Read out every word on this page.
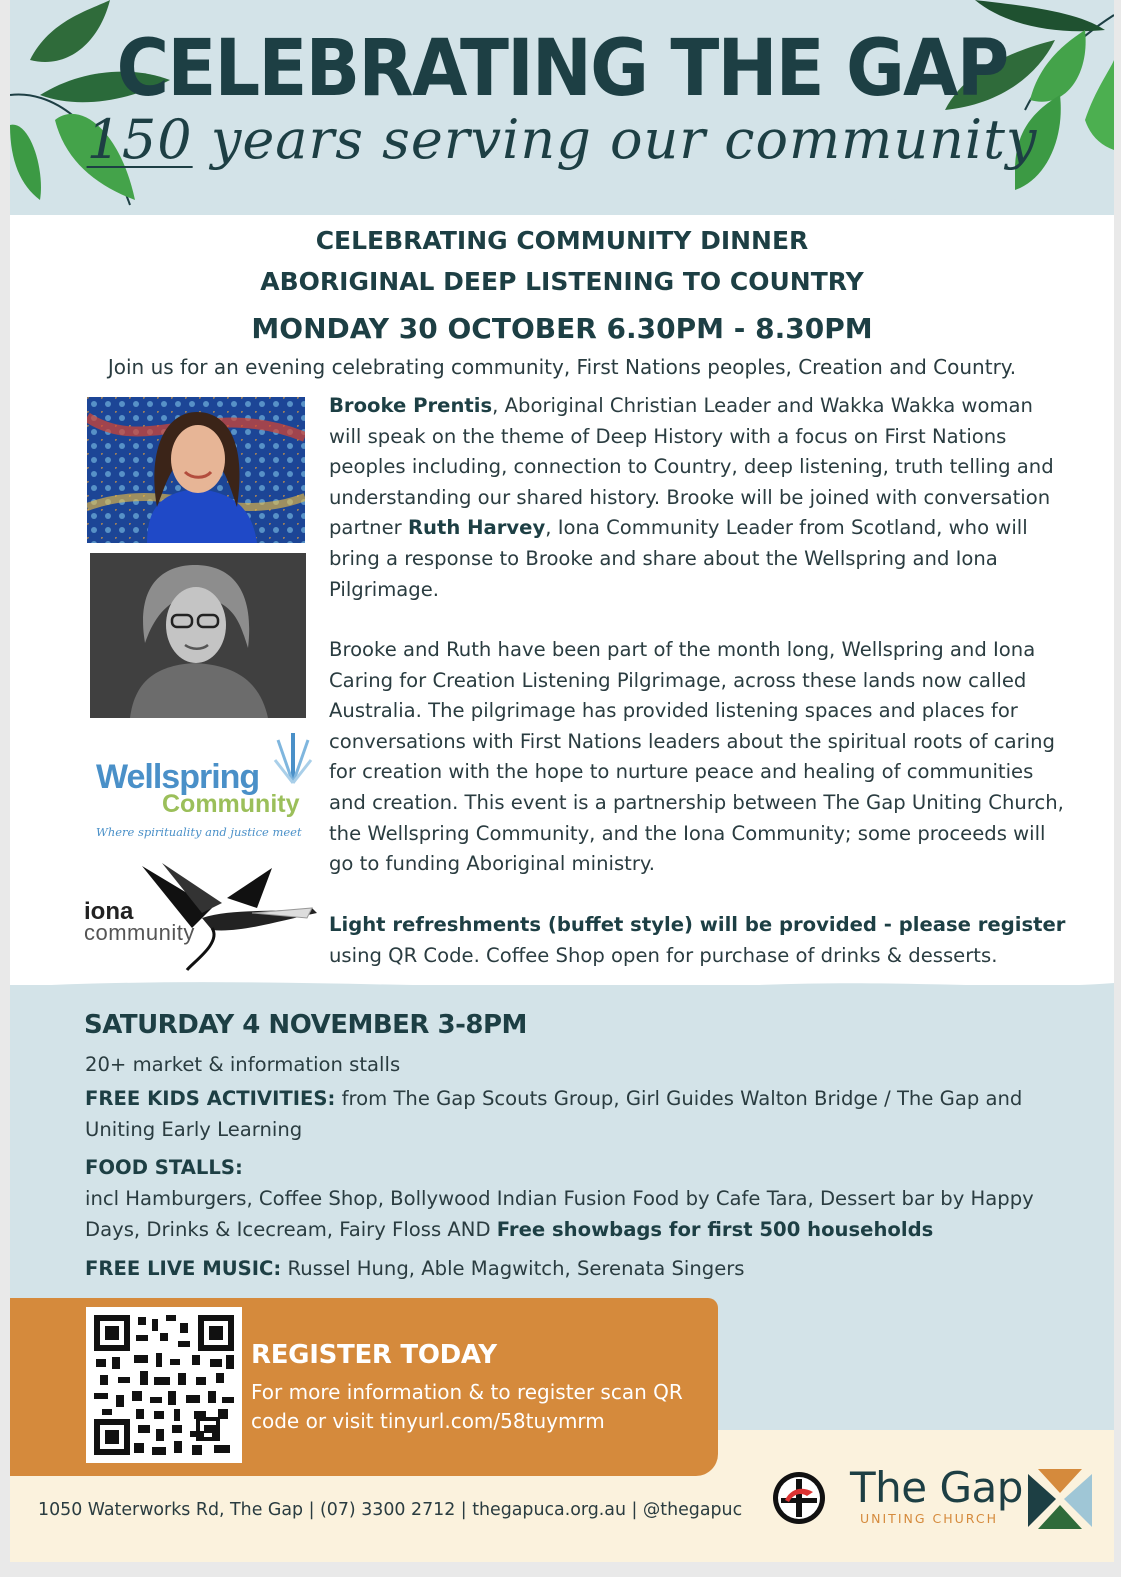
CELEBRATING THE GAP
150 years serving our community
CELEBRATING COMMUNITY DINNER
ABORIGINAL DEEP LISTENING TO COUNTRY
MONDAY 30 OCTOBER 6.30PM - 8.30PM
Join us for an evening celebrating community, First Nations peoples, Creation and Country.
Wellspring
Community
Where spirituality and justice meet
iona
community
Brooke Prentis, Aboriginal Christian Leader and Wakka Wakka woman will speak on the theme of Deep History with a focus on First Nations peoples including, connection to Country, deep listening, truth telling and understanding our shared history. Brooke will be joined with conversation partner Ruth Harvey, Iona Community Leader from Scotland, who will bring a response to Brooke and share about the Wellspring and Iona Pilgrimage.
Brooke and Ruth have been part of the month long, Wellspring and Iona Caring for Creation Listening Pilgrimage, across these lands now called Australia. The pilgrimage has provided listening spaces and places for conversations with First Nations leaders about the spiritual roots of caring for creation with the hope to nurture peace and healing of communities and creation. This event is a partnership between The Gap Uniting Church, the Wellspring Community, and the Iona Community; some proceeds will go to funding Aboriginal ministry.
Light refreshments (buffet style) will be provided - please register using QR Code. Coffee Shop open for purchase of drinks & desserts.
SATURDAY 4 NOVEMBER 3-8PM
20+ market & information stalls
FREE KIDS ACTIVITIES: from The Gap Scouts Group, Girl Guides Walton Bridge / The Gap and Uniting Early Learning
FOOD STALLS:
incl Hamburgers, Coffee Shop, Bollywood Indian Fusion Food by Cafe Tara, Dessert bar by Happy Days, Drinks & Icecream, Fairy Floss AND Free showbags for first 500 households
FREE LIVE MUSIC: Russel Hung, Able Magwitch, Serenata Singers
REGISTER TODAY
For more information & to register scan QR code or visit tinyurl.com/58tuymrm
1050 Waterworks Rd, The Gap | (07) 3300 2712 | thegapuca.org.au | @thegapuc	The Gap
UNITING CHURCH
